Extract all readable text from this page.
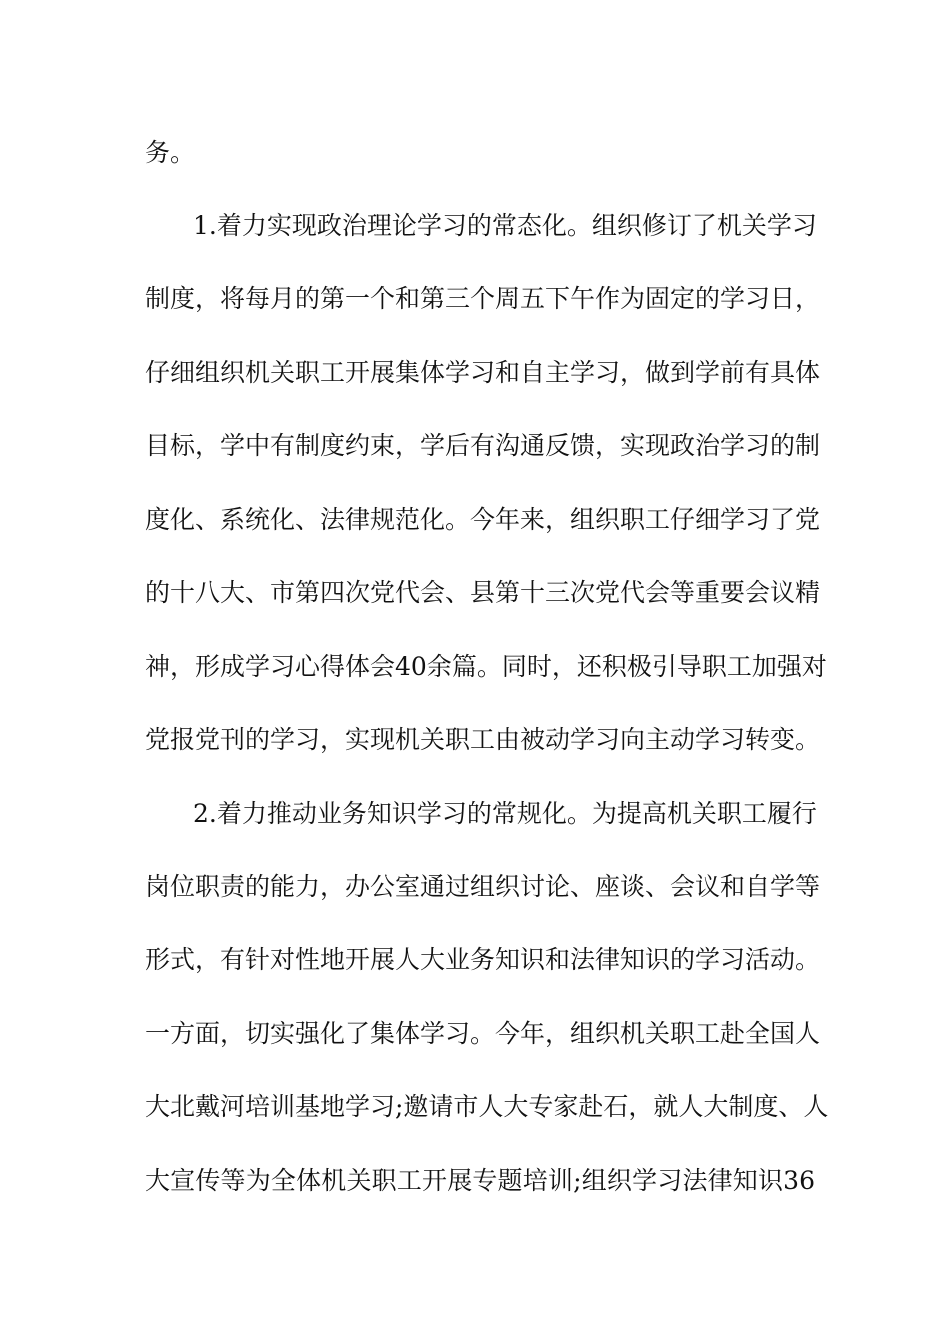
务。
1.着力实现政治理论学习的常态化。组织修订了机关学习
制度，将每月的第一个和第三个周五下午作为固定的学习日，
仔细组织机关职工开展集体学习和自主学习，做到学前有具体
目标，学中有制度约束，学后有沟通反馈，实现政治学习的制
度化、系统化、法律规范化。今年来，组织职工仔细学习了党
的十八大、市第四次党代会、县第十三次党代会等重要会议精
神，形成学习心得体会40余篇。同时，还积极引导职工加强对
党报党刊的学习，实现机关职工由被动学习向主动学习转变。
2.着力推动业务知识学习的常规化。为提高机关职工履行
岗位职责的能力，办公室通过组织讨论、座谈、会议和自学等
形式，有针对性地开展人大业务知识和法律知识的学习活动。
一方面，切实强化了集体学习。今年，组织机关职工赴全国人
大北戴河培训基地学习;邀请市人大专家赴石，就人大制度、人
大宣传等为全体机关职工开展专题培训;组织学习法律知识36
